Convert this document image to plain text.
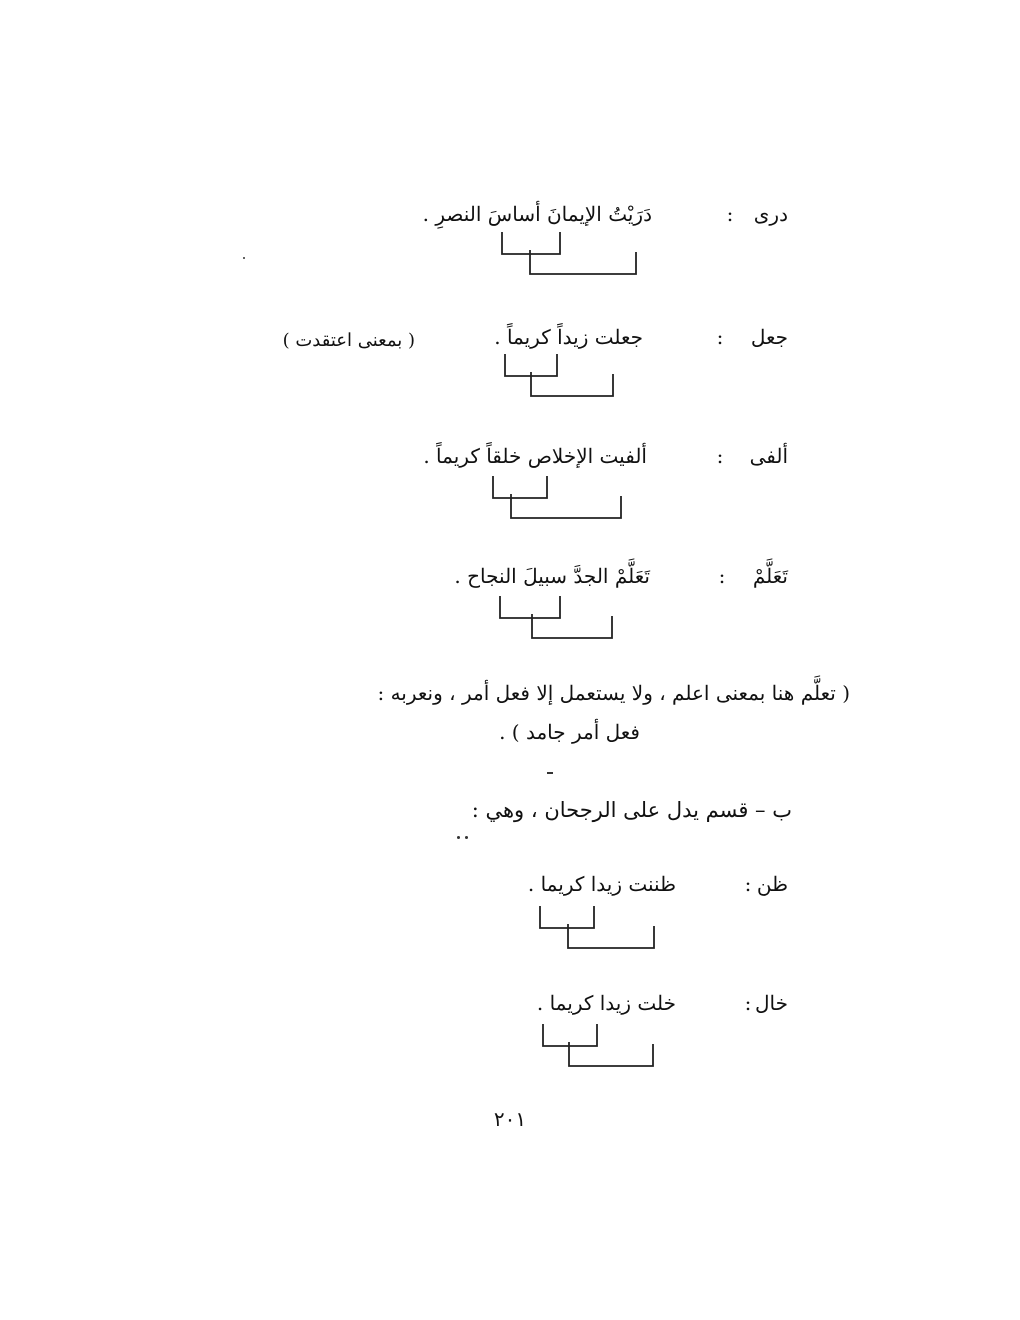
درى
:
دَرَيْتُ الإيمانَ أساسَ النصرِ .
جعل
:
جعلت زيداً كريماً .
( بمعنى اعتقدت )
ألفى
:
ألفيت الإخلاص خلقاً كريماً .
تَعَلَّمْ
:
تَعَلَّمْ الجدَّ سبيلَ النجاح .
( تعلَّم هنا بمعنى اعلم ، ولا يستعمل إلا فعل أمر ، ونعربه :
فعل أمر جامد ) .
ب – قسم يدل على الرجحان ، وهي :
ظن
:
ظننت زيدا كريما .
خال
:
خلت زيدا كريما .
٢٠١
